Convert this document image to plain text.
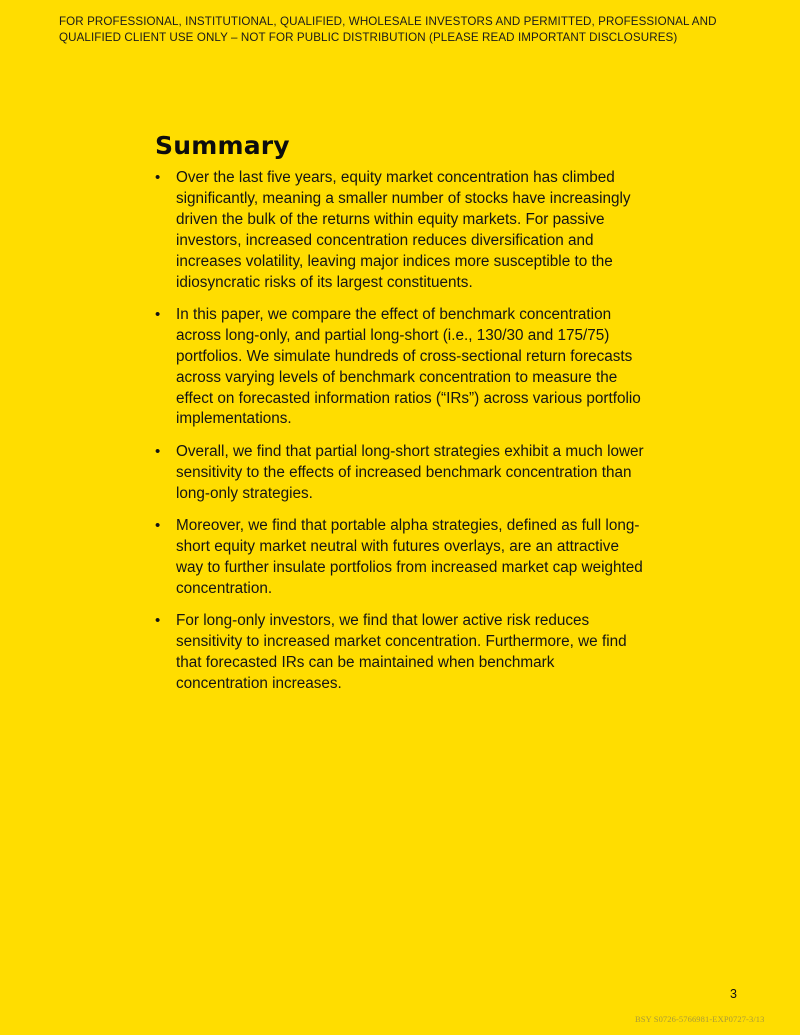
FOR PROFESSIONAL, INSTITUTIONAL, QUALIFIED, WHOLESALE INVESTORS AND PERMITTED, PROFESSIONAL AND QUALIFIED CLIENT USE ONLY – NOT FOR PUBLIC DISTRIBUTION (PLEASE READ IMPORTANT DISCLOSURES)
Summary
•	Over the last five years, equity market concentration has climbed significantly, meaning a smaller number of stocks have increasingly driven the bulk of the returns within equity markets. For passive investors, increased concentration reduces diversification and increases volatility, leaving major indices more susceptible to the idiosyncratic risks of its largest constituents.
•	In this paper, we compare the effect of benchmark concentration across long-only, and partial long-short (i.e., 130/30 and 175/75) portfolios. We simulate hundreds of cross-sectional return forecasts across varying levels of benchmark concentration to measure the effect on forecasted information ratios (“IRs”) across various portfolio implementations.
•	Overall, we find that partial long-short strategies exhibit a much lower sensitivity to the effects of increased benchmark concentration than long-only strategies.
•	Moreover, we find that portable alpha strategies, defined as full long-short equity market neutral with futures overlays, are an attractive way to further insulate portfolios from increased market cap weighted concentration.
•	For long-only investors, we find that lower active risk reduces sensitivity to increased market concentration. Furthermore, we find that forecasted IRs can be maintained when benchmark concentration increases.
3
BSY S0726-5766981-EXP0727-3/13
